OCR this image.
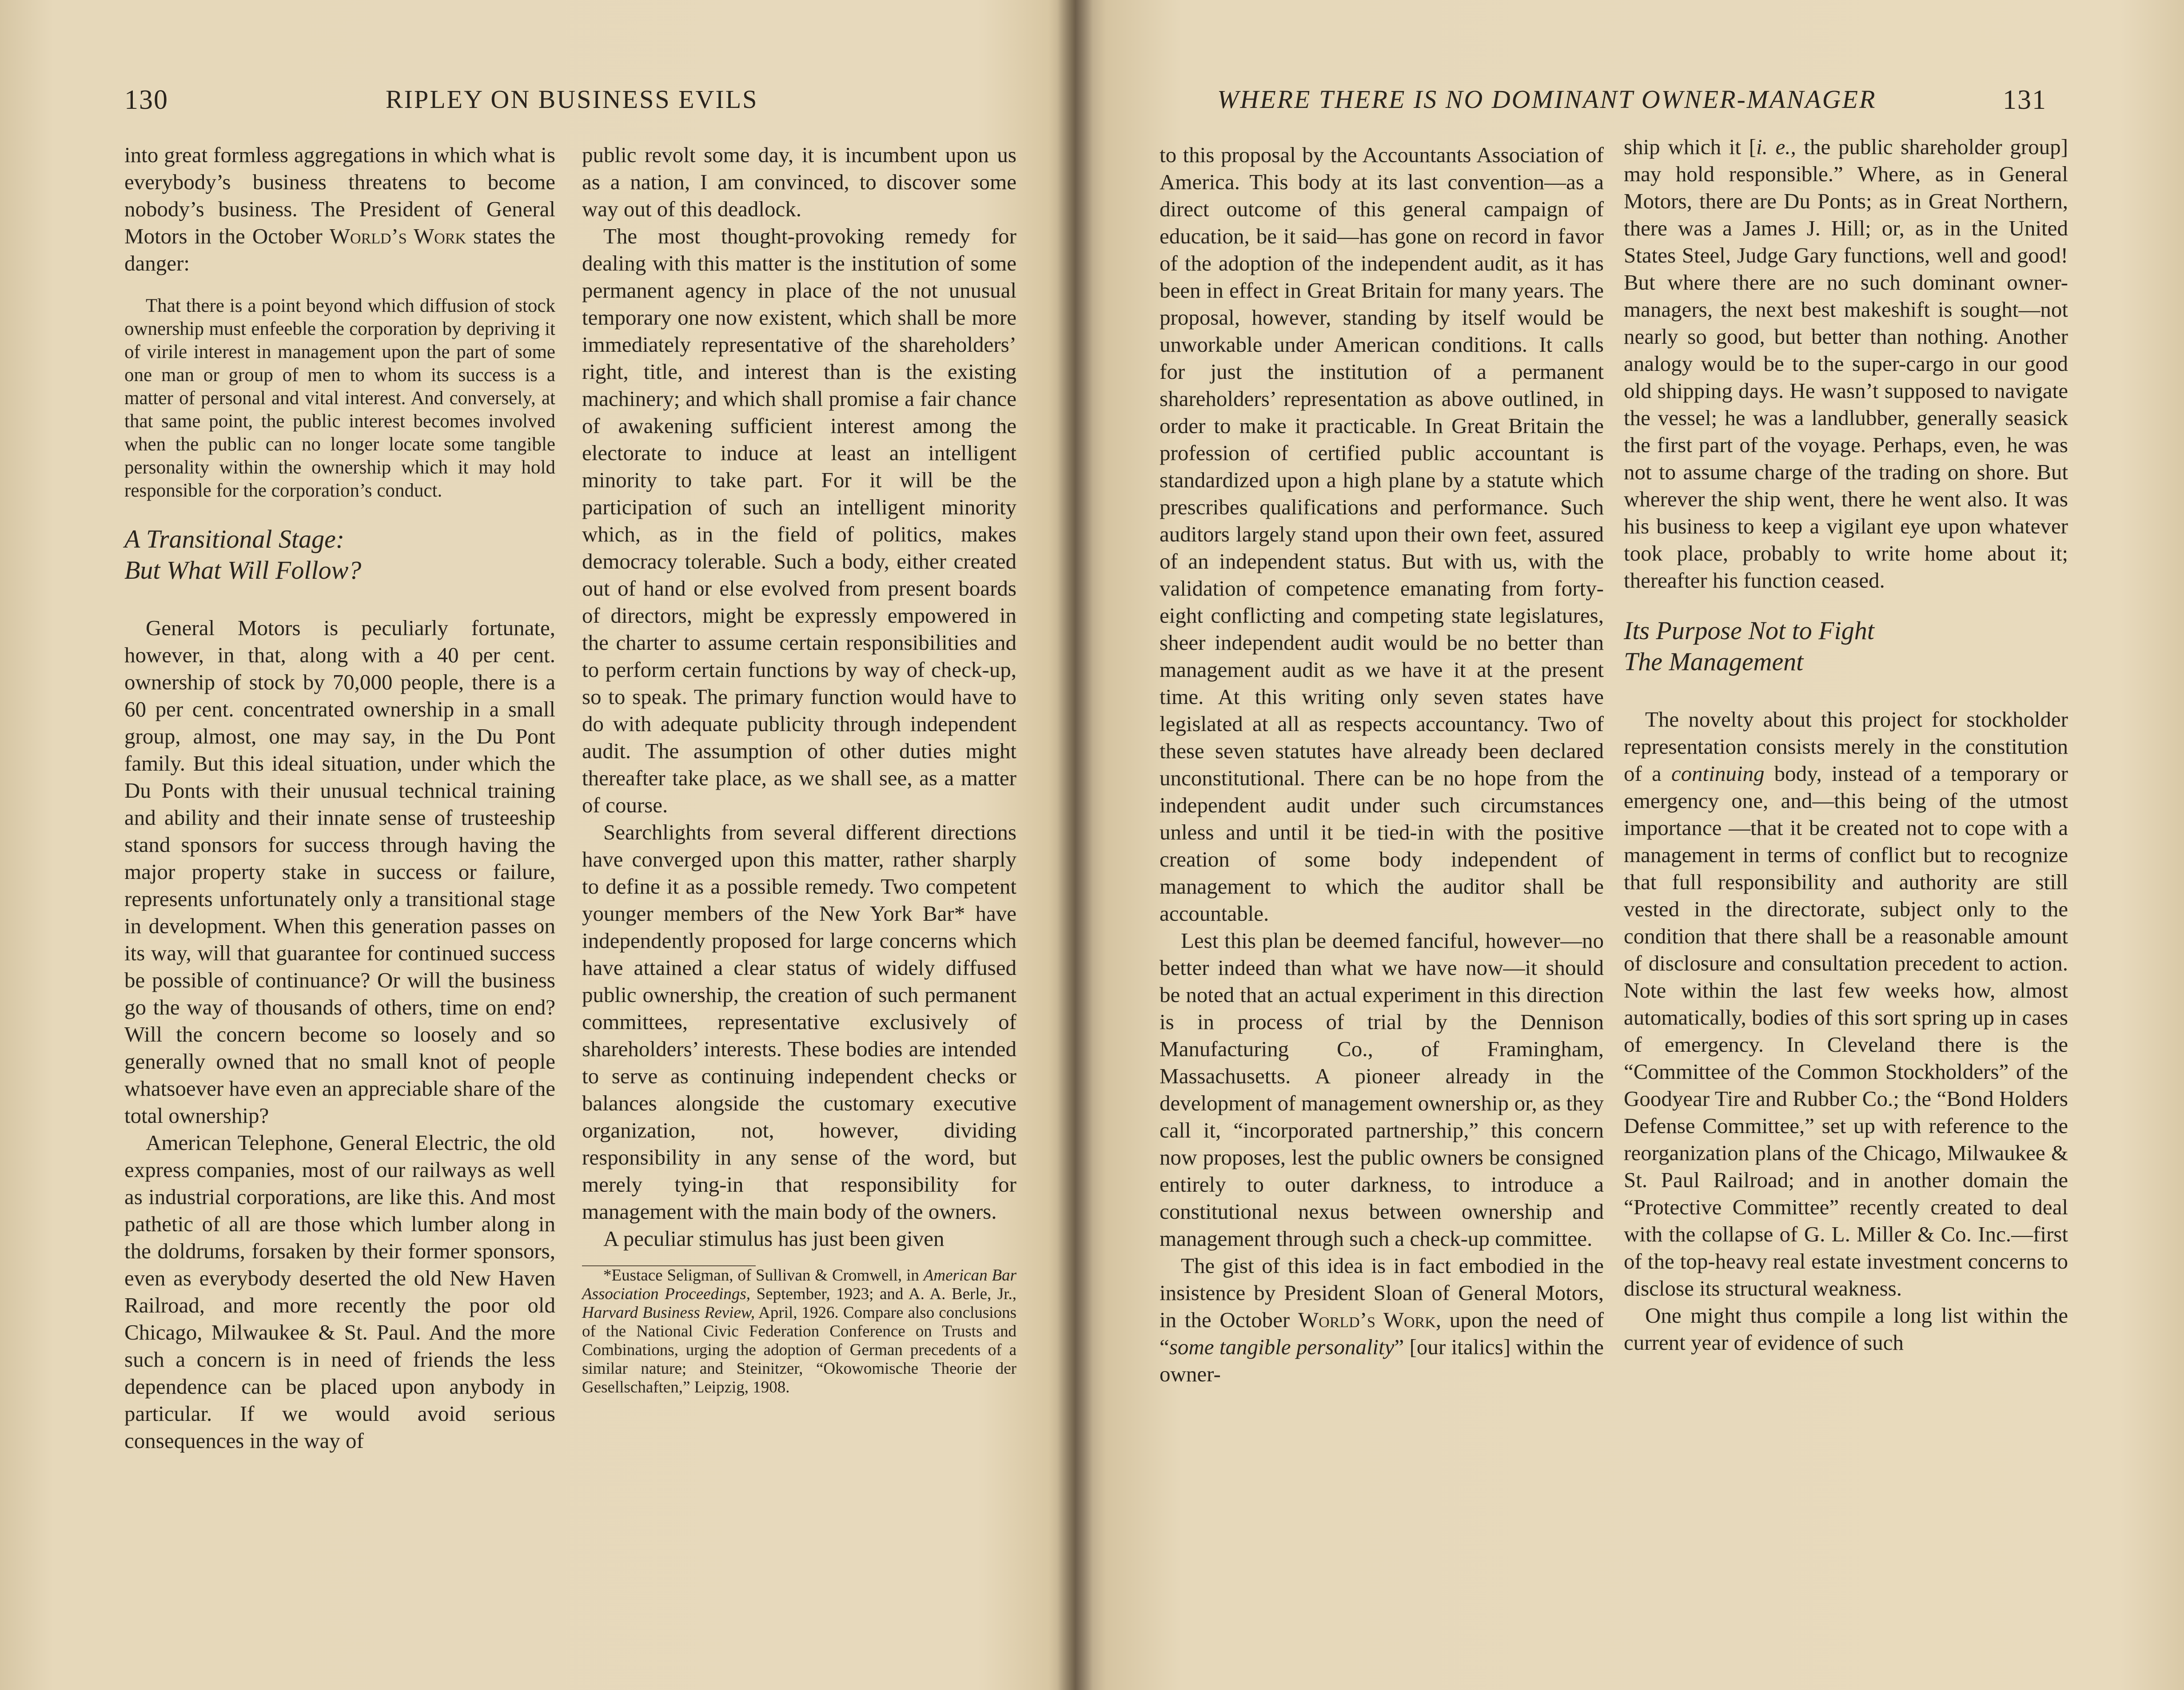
130	RIPLEY ON BUSINESS EVILS

into great formless aggregations in which what is everybody’s business threatens to become nobody’s business. The President of General Motors in the October World’s Work states the danger:

That there is a point beyond which diffusion of stock ownership must enfeeble the corporation by depriving it of virile interest in management upon the part of some one man or group of men to whom its success is a matter of personal and vital interest. And conversely, at that same point, the public interest becomes involved when the public can no longer locate some tangible personality within the ownership which it may hold responsible for the corporation’s conduct.

A Transitional Stage:
But What Will Follow?

General Motors is peculiarly fortunate, however, in that, along with a 40 per cent. ownership of stock by 70,000 people, there is a 60 per cent. concentrated ownership in a small group, almost, one may say, in the Du Pont family. But this ideal situation, under which the Du Ponts with their unusual technical training and ability and their innate sense of trusteeship stand sponsors for success through having the major property stake in success or failure, represents unfortunately only a transitional stage in development. When this generation passes on its way, will that guarantee for continued success be possible of continuance? Or will the business go the way of thousands of others, time on end? Will the concern become so loosely and so generally owned that no small knot of people whatsoever have even an appreciable share of the total ownership?

American Telephone, General Electric, the old express companies, most of our railways as well as industrial corporations, are like this. And most pathetic of all are those which lumber along in the doldrums, forsaken by their former sponsors, even as everybody deserted the old New Haven Railroad, and more recently the poor old Chicago, Milwaukee & St. Paul. And the more such a concern is in need of friends the less dependence can be placed upon anybody in particular. If we would avoid serious consequences in the way of

public revolt some day, it is incumbent upon us as a nation, I am convinced, to discover some way out of this deadlock.

The most thought-provoking remedy for dealing with this matter is the institution of some permanent agency in place of the not unusual temporary one now existent, which shall be more immediately representative of the shareholders’ right, title, and interest than is the existing machinery; and which shall promise a fair chance of awakening sufficient interest among the electorate to induce at least an intelligent minority to take part. For it will be the participation of such an intelligent minority which, as in the field of politics, makes democracy tolerable. Such a body, either created out of hand or else evolved from present boards of directors, might be expressly empowered in the charter to assume certain responsibilities and to perform certain functions by way of check-up, so to speak. The primary function would have to do with adequate publicity through independent audit. The assumption of other duties might thereafter take place, as we shall see, as a matter of course.

Searchlights from several different directions have converged upon this matter, rather sharply to define it as a possible remedy. Two competent younger members of the New York Bar* have independently proposed for large concerns which have attained a clear status of widely diffused public ownership, the creation of such permanent committees, representative exclusively of shareholders’ interests. These bodies are intended to serve as continuing independent checks or balances alongside the customary executive organization, not, however, dividing responsibility in any sense of the word, but merely tying-in that responsibility for management with the main body of the owners.

A peculiar stimulus has just been given

*Eustace Seligman, of Sullivan & Cromwell, in American Bar Association Proceedings, September, 1923; and A. A. Berle, Jr., Harvard Business Review, April, 1926. Compare also conclusions of the National Civic Federation Conference on Trusts and Combinations, urging the adoption of German precedents of a similar nature; and Steinitzer, “Okowomische Theorie der Gesellschaften,” Leipzig, 1908.

WHERE THERE IS NO DOMINANT OWNER-MANAGER	131

to this proposal by the Accountants Association of America. This body at its last convention—as a direct outcome of this general campaign of education, be it said—has gone on record in favor of the adoption of the independent audit, as it has been in effect in Great Britain for many years. The proposal, however, standing by itself would be unworkable under American conditions. It calls for just the institution of a permanent shareholders’ representation as above outlined, in order to make it practicable. In Great Britain the profession of certified public accountant is standardized upon a high plane by a statute which prescribes qualifications and performance. Such auditors largely stand upon their own feet, assured of an independent status. But with us, with the validation of competence emanating from forty-eight conflicting and competing state legislatures, sheer independent audit would be no better than management audit as we have it at the present time. At this writing only seven states have legislated at all as respects accountancy. Two of these seven statutes have already been declared unconstitutional. There can be no hope from the independent audit under such circumstances unless and until it be tied-in with the positive creation of some body independent of management to which the auditor shall be accountable.

Lest this plan be deemed fanciful, however—no better indeed than what we have now—it should be noted that an actual experiment in this direction is in process of trial by the Dennison Manufacturing Co., of Framingham, Massachusetts. A pioneer already in the development of management ownership or, as they call it, “incorporated partnership,” this concern now proposes, lest the public owners be consigned entirely to outer darkness, to introduce a constitutional nexus between ownership and management through such a check-up committee.

The gist of this idea is in fact embodied in the insistence by President Sloan of General Motors, in the October World’s Work, upon the need of “some tangible personality” [our italics] within the owner-

ship which it [i. e., the public shareholder group] may hold responsible.” Where, as in General Motors, there are Du Ponts; as in Great Northern, there was a James J. Hill; or, as in the United States Steel, Judge Gary functions, well and good! But where there are no such dominant owner-managers, the next best makeshift is sought—not nearly so good, but better than nothing. Another analogy would be to the super-cargo in our good old shipping days. He wasn’t supposed to navigate the vessel; he was a landlubber, generally seasick the first part of the voyage. Perhaps, even, he was not to assume charge of the trading on shore. But wherever the ship went, there he went also. It was his business to keep a vigilant eye upon whatever took place, probably to write home about it; thereafter his function ceased.

Its Purpose Not to Fight
The Management

The novelty about this project for stockholder representation consists merely in the constitution of a continuing body, instead of a temporary or emergency one, and—this being of the utmost importance —that it be created not to cope with a management in terms of conflict but to recognize that full responsibility and authority are still vested in the directorate, subject only to the condition that there shall be a reasonable amount of disclosure and consultation precedent to action. Note within the last few weeks how, almost automatically, bodies of this sort spring up in cases of emergency. In Cleveland there is the “Committee of the Common Stockholders” of the Goodyear Tire and Rubber Co.; the “Bond Holders Defense Committee,” set up with reference to the reorganization plans of the Chicago, Milwaukee & St. Paul Railroad; and in another domain the “Protective Committee” recently created to deal with the collapse of G. L. Miller & Co. Inc.—first of the top-heavy real estate investment concerns to disclose its structural weakness.

One might thus compile a long list within the current year of evidence of such
